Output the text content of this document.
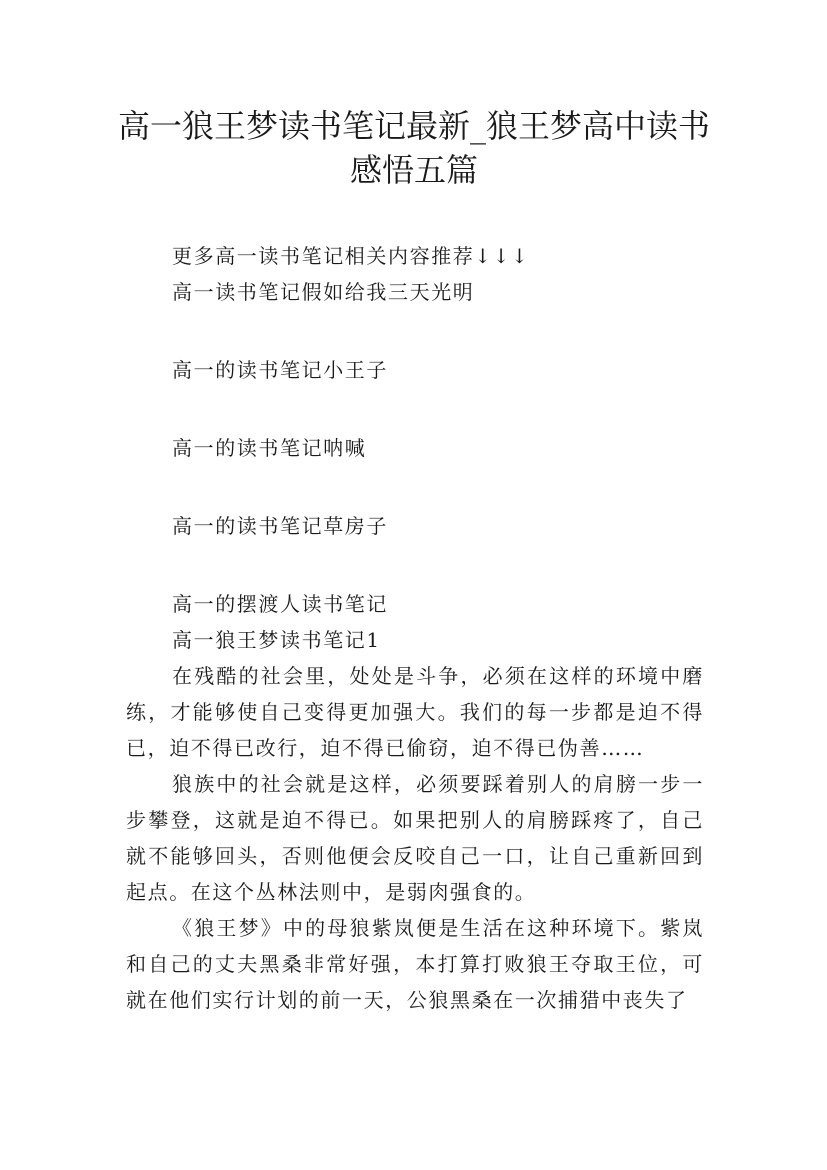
高一狼王梦读书笔记最新_狼王梦高中读书
感悟五篇
更多高一读书笔记相关内容推荐↓↓↓
高一读书笔记假如给我三天光明
高一的读书笔记小王子
高一的读书笔记呐喊
高一的读书笔记草房子
高一的摆渡人读书笔记
高一狼王梦读书笔记1

在残酷的社会里，处处是斗争，必须在这样的环境中磨练，才能够使自己变得更加强大。我们的每一步都是迫不得已，迫不得已改行，迫不得已偷窃，迫不得已伪善……

狼族中的社会就是这样，必须要踩着别人的肩膀一步一步攀登，这就是迫不得已。如果把别人的肩膀踩疼了，自己就不能够回头，否则他便会反咬自己一口，让自己重新回到起点。在这个丛林法则中，是弱肉强食的。

《狼王梦》中的母狼紫岚便是生活在这种环境下。紫岚和自己的丈夫黑桑非常好强，本打算打败狼王夺取王位，可就在他们实行计划的前一天，公狼黑桑在一次捕猎中丧失了
